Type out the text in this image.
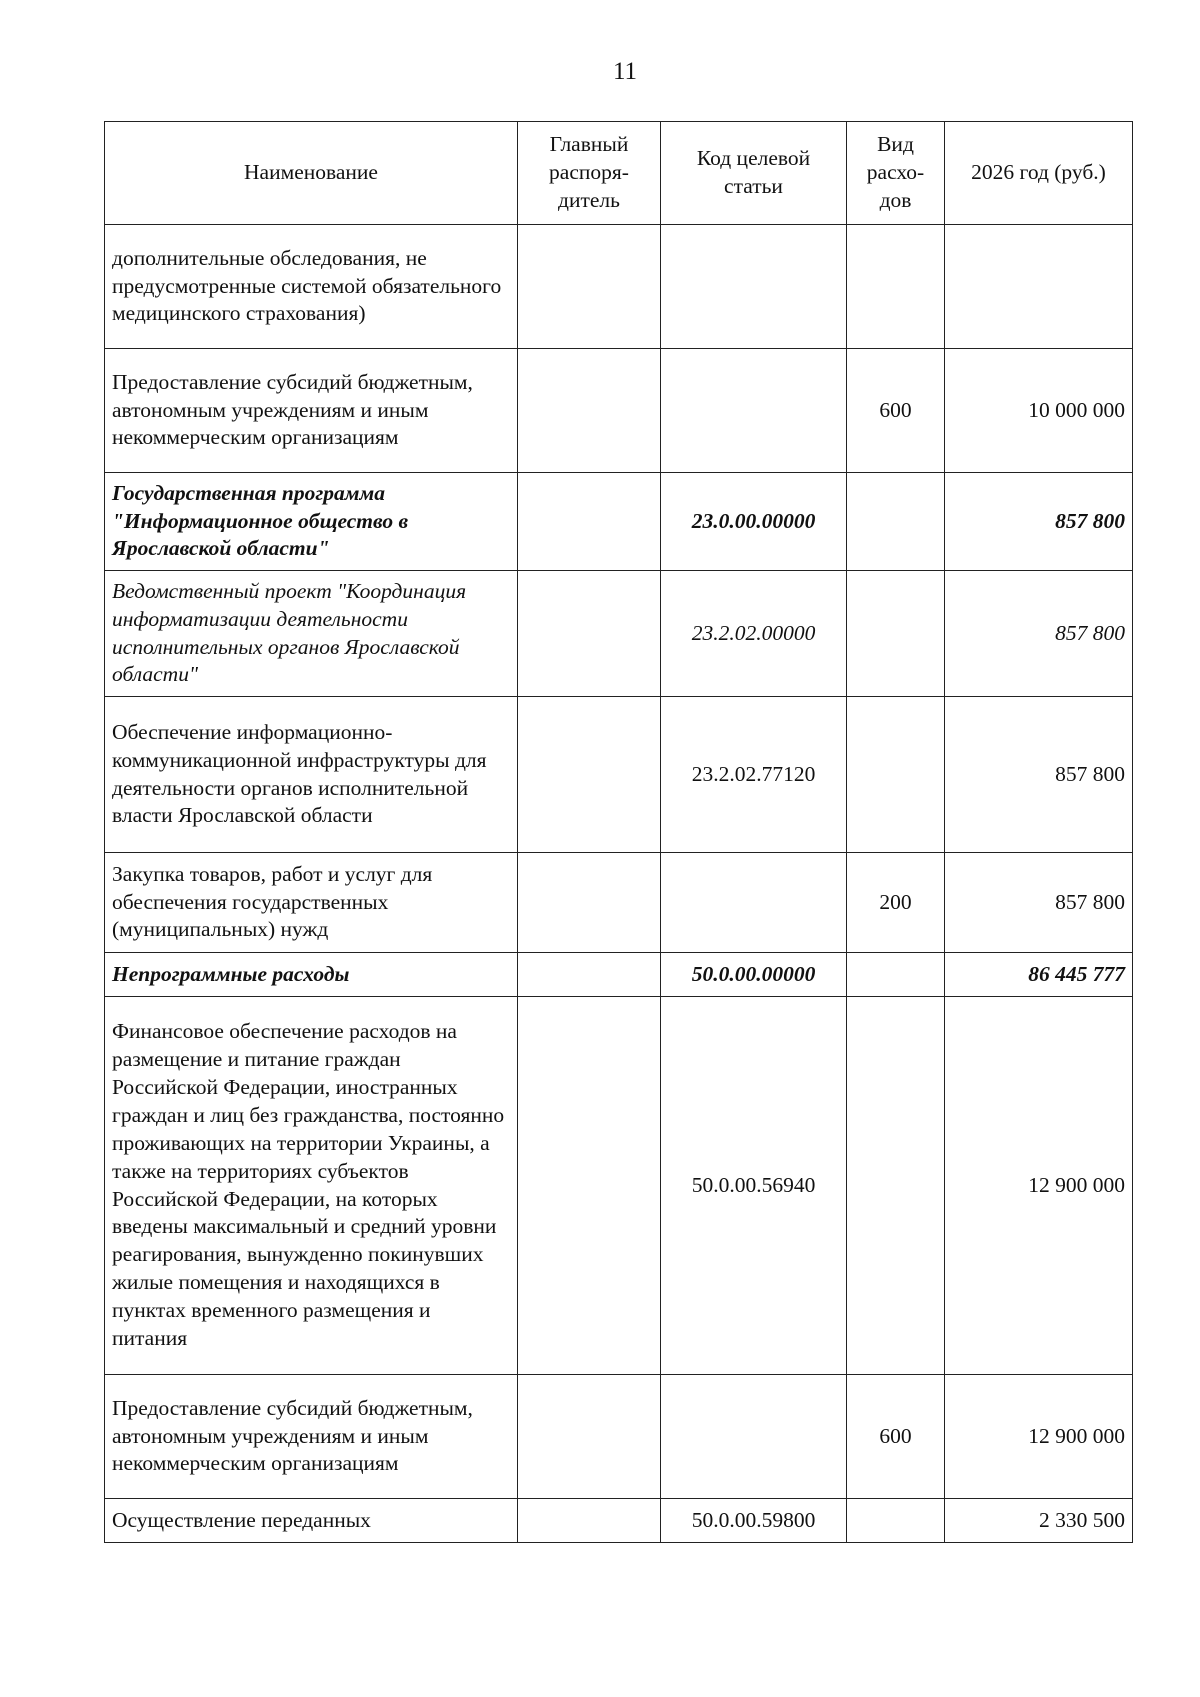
11
Наименование	Главный распоря-дитель	Код целевой статьи	Вид расхо-дов	2026 год (руб.)
дополнительные обследования, не предусмотренные системой обязательного медицинского страхования)				
Предоставление субсидий бюджетным, автономным учреждениям и иным некоммерческим организациям			600	10 000 000
Государственная программа "Информационное общество в Ярославской области"		23.0.00.00000		857 800
Ведомственный проект "Координация информатизации деятельности исполнительных органов Ярославской области"		23.2.02.00000		857 800
Обеспечение информационно-коммуникационной инфраструктуры для деятельности органов исполнительной власти Ярославской области		23.2.02.77120		857 800
Закупка товаров, работ и услуг для обеспечения государственных (муниципальных) нужд			200	857 800
Непрограммные расходы		50.0.00.00000		86 445 777
Финансовое обеспечение расходов на размещение и питание граждан Российской Федерации, иностранных граждан и лиц без гражданства, постоянно проживающих на территории Украины, а также на территориях субъектов Российской Федерации, на которых введены максимальный и средний уровни реагирования, вынужденно покинувших жилые помещения и находящихся в пунктах временного размещения и питания		50.0.00.56940		12 900 000
Предоставление субсидий бюджетным, автономным учреждениям и иным некоммерческим организациям			600	12 900 000
Осуществление переданных		50.0.00.59800		2 330 500
